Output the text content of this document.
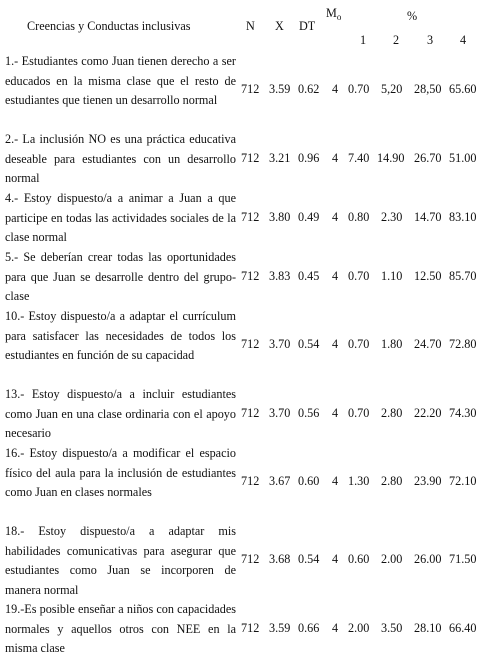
Creencias y Conductas inclusivas	N X DT
$M_o$	%
1 2 3 4
1.- Estudiantes como Juan tienen derecho a ser educados en la misma clase que el resto de estudiantes que tienen un desarrollo normal
712 3.59 0.62 4 0.70 5,20 28,50 65.60
2.- La inclusión NO es una práctica educativa deseable para estudiantes con un desarrollo normal
712 3.21 0.96 4 7.40 14.90 26.70 51.00
4.- Estoy dispuesto/a a animar a Juan a que participe en todas las actividades sociales de la clase normal
712 3.80 0.49 4 0.80 2.30 14.70 83.10
5.- Se deberían crear todas las oportunidades para que Juan se desarrolle dentro del grupo-clase
712 3.83 0.45 4 0.70 1.10 12.50 85.70
10.- Estoy dispuesto/a a adaptar el currículum para satisfacer las necesidades de todos los estudiantes en función de su capacidad
712 3.70 0.54 4 0.70 1.80 24.70 72.80
13.- Estoy dispuesto/a a incluir estudiantes como Juan en una clase ordinaria con el apoyo necesario
712 3.70 0.56 4 0.70 2.80 22.20 74.30
16.- Estoy dispuesto/a a modificar el espacio físico del aula para la inclusión de estudiantes como Juan en clases normales
712 3.67 0.60 4 1.30 2.80 23.90 72.10
18.- Estoy dispuesto/a a adaptar mis habilidades comunicativas para asegurar que estudiantes como Juan se incorporen de manera normal
712 3.68 0.54 4 0.60 2.00 26.00 71.50
19.-Es posible enseñar a niños con capacidades normales y aquellos otros con NEE en la misma clase
712 3.59 0.66 4 2.00 3.50 28.10 66.40
